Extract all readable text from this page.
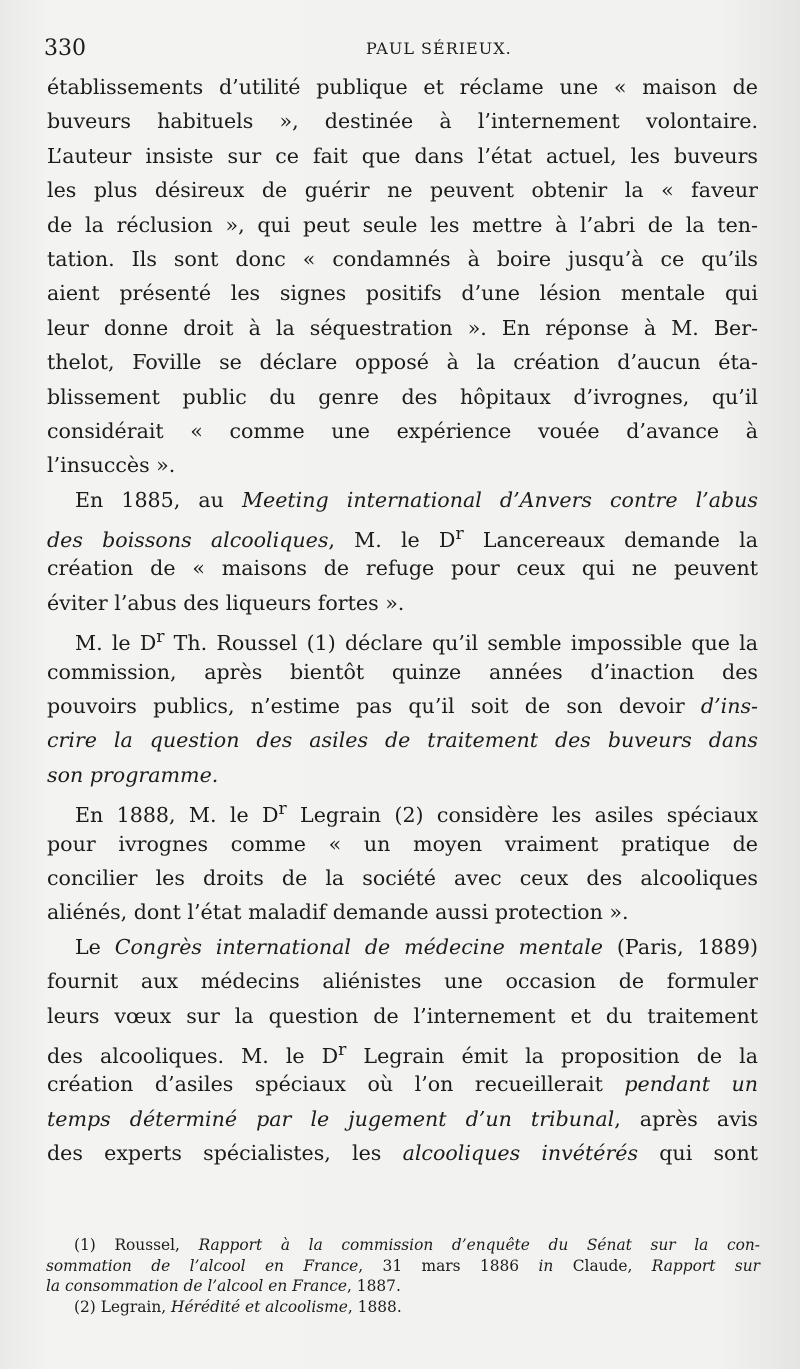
330	PAUL SÉRIEUX.
établissements d’utilité publique et réclame une « maison de
buveurs habituels », destinée à l’internement volontaire.
L’auteur insiste sur ce fait que dans l’état actuel, les buveurs
les plus désireux de guérir ne peuvent obtenir la « faveur
de la réclusion », qui peut seule les mettre à l’abri de la ten-
tation. Ils sont donc « condamnés à boire jusqu’à ce qu’ils
aient présenté les signes positifs d’une lésion mentale qui
leur donne droit à la séquestration ». En réponse à M. Ber-
thelot, Foville se déclare opposé à la création d’aucun éta-
blissement public du genre des hôpitaux d’ivrognes, qu’il
considérait « comme une expérience vouée d’avance à
l’insuccès ».
En 1885, au Meeting international d’Anvers contre l’abus
des boissons alcooliques, M. le $D^r$ Lancereaux demande la
création de « maisons de refuge pour ceux qui ne peuvent
éviter l’abus des liqueurs fortes ».
M. le $D^r$ Th. Roussel (1) déclare qu’il semble impossible que la
commission, après bientôt quinze années d’inaction des
pouvoirs publics, n’estime pas qu’il soit de son devoir d’ins-
crire la question des asiles de traitement des buveurs dans
son programme.
En 1888, M. le $D^r$ Legrain (2) considère les asiles spéciaux
pour ivrognes comme « un moyen vraiment pratique de
concilier les droits de la société avec ceux des alcooliques
aliénés, dont l’état maladif demande aussi protection ».
Le Congrès international de médecine mentale (Paris, 1889)
fournit aux médecins aliénistes une occasion de formuler
leurs vœux sur la question de l’internement et du traitement
des alcooliques. M. le $D^r$ Legrain émit la proposition de la
création d’asiles spéciaux où l’on recueillerait pendant un
temps déterminé par le jugement d’un tribunal, après avis
des experts spécialistes, les alcooliques invétérés qui sont
(1) Roussel, Rapport à la commission d’enquête du Sénat sur la con-
sommation de l’alcool en France, 31 mars 1886 in Claude, Rapport sur
la consommation de l’alcool en France, 1887.
(2) Legrain, Hérédité et alcoolisme, 1888.
